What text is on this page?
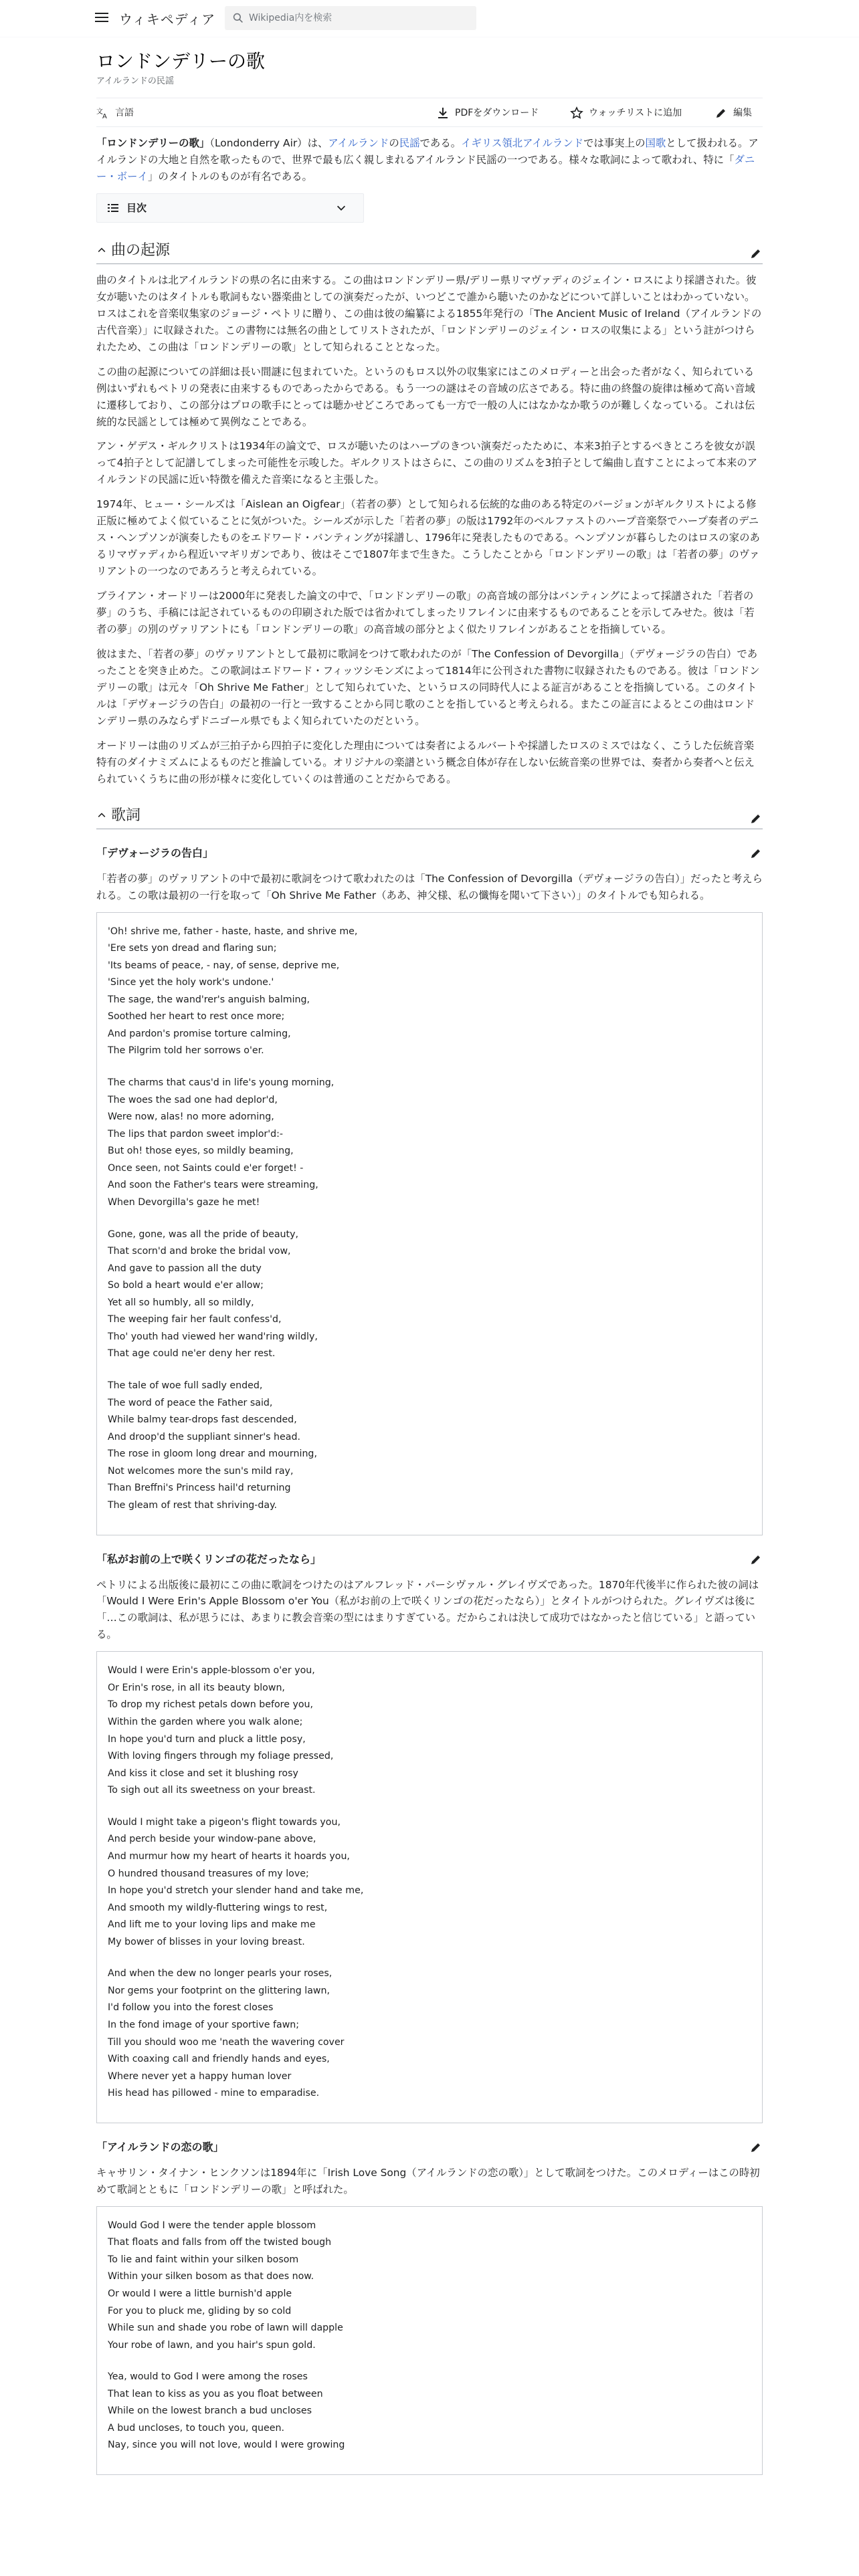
ウィキペディア	Wikipedia内を検索
ロンドンデリーの歌
アイルランドの民謡
文
A 言語	PDFをダウンロード	ウォッチリストに追加	編集

「ロンドンデリーの歌」（Londonderry Air）は、アイルランドの民謡である。イギリス領北アイルランドでは事実上の国歌として扱われる。アイルランドの大地と自然を歌ったもので、世界で最も広く親しまれるアイルランド民謡の一つである。様々な歌詞によって歌われ、特に「ダニー・ボーイ」のタイトルのものが有名である。

目次
曲の起源

曲のタイトルは北アイルランドの県の名に由来する。この曲はロンドンデリー県/デリー県リマヴァディのジェイン・ロスにより採譜された。彼女が聴いたのはタイトルも歌詞もない器楽曲としての演奏だったが、いつどこで誰から聴いたのかなどについて詳しいことはわかっていない。ロスはこれを音楽収集家のジョージ・ペトリに贈り、この曲は彼の編纂による1855年発行の「The Ancient Music of Ireland（アイルランドの古代音楽）」に収録された。この書物には無名の曲としてリストされたが、「ロンドンデリーのジェイン・ロスの収集による」という註がつけられたため、この曲は「ロンドンデリーの歌」として知られることとなった。

この曲の起源についての詳細は長い間謎に包まれていた。というのもロス以外の収集家にはこのメロディーと出会った者がなく、知られている例はいずれもペトリの発表に由来するものであったからである。もう一つの謎はその音域の広さである。特に曲の終盤の旋律は極めて高い音域に遷移しており、この部分はプロの歌手にとっては聴かせどころであっても一方で一般の人にはなかなか歌うのが難しくなっている。これは伝統的な民謡としては極めて異例なことである。

アン・ゲデス・ギルクリストは1934年の論文で、ロスが聴いたのはハープのきつい演奏だったために、本来3拍子とするべきところを彼女が誤って4拍子として記譜してしまった可能性を示唆した。ギルクリストはさらに、この曲のリズムを3拍子として編曲し直すことによって本来のアイルランドの民謡に近い特徴を備えた音楽になると主張した。

1974年、ヒュー・シールズは「Aislean an Oigfear」（若者の夢）として知られる伝統的な曲のある特定のバージョンがギルクリストによる修正版に極めてよく似ていることに気がついた。シールズが示した「若者の夢」の版は1792年のベルファストのハープ音楽祭でハープ奏者のデニス・ヘンプソンが演奏したものをエドワード・バンティングが採譜し、1796年に発表したものである。ヘンプソンが暮らしたのはロスの家のあるリマヴァディから程近いマギリガンであり、彼はそこで1807年まで生きた。こうしたことから「ロンドンデリーの歌」は「若者の夢」のヴァリアントの一つなのであろうと考えられている。

ブライアン・オードリーは2000年に発表した論文の中で、「ロンドンデリーの歌」の高音域の部分はバンティングによって採譜された「若者の夢」のうち、手稿には記されているものの印刷された版では省かれてしまったリフレインに由来するものであることを示してみせた。彼は「若者の夢」の別のヴァリアントにも「ロンドンデリーの歌」の高音域の部分とよく似たリフレインがあることを指摘している。

彼はまた、「若者の夢」のヴァリアントとして最初に歌詞をつけて歌われたのが「The Confession of Devorgilla」（デヴォージラの告白）であったことを突き止めた。この歌詞はエドワード・フィッツシモンズによって1814年に公刊された書物に収録されたものである。彼は「ロンドンデリーの歌」は元々「Oh Shrive Me Father」として知られていた、というロスの同時代人による証言があることを指摘している。このタイトルは「デヴォージラの告白」の最初の一行と一致することから同じ歌のことを指していると考えられる。またこの証言によるとこの曲はロンドンデリー県のみならずドニゴール県でもよく知られていたのだという。

オードリーは曲のリズムが三拍子から四拍子に変化した理由については奏者によるルバートや採譜したロスのミスではなく、こうした伝統音楽特有のダイナミズムによるものだと推論している。オリジナルの楽譜という概念自体が存在しない伝統音楽の世界では、奏者から奏者へと伝えられていくうちに曲の形が様々に変化していくのは普通のことだからである。

歌詞
「デヴォージラの告白」

「若者の夢」のヴァリアントの中で最初に歌詞をつけて歌われたのは「The Confession of Devorgilla（デヴォージラの告白）」だったと考えられる。この歌は最初の一行を取って「Oh Shrive Me Father（ああ、神父様、私の懺悔を聞いて下さい）」のタイトルでも知られる。

'Oh! shrive me, father - haste, haste, and shrive me,
'Ere sets yon dread and flaring sun;
'Its beams of peace, - nay, of sense, deprive me,
'Since yet the holy work's undone.'
The sage, the wand'rer's anguish balming,
Soothed her heart to rest once more;
And pardon's promise torture calming,
The Pilgrim told her sorrows o'er.
The charms that caus'd in life's young morning,
The woes the sad one had deplor'd,
Were now, alas! no more adorning,
The lips that pardon sweet implor'd:-
But oh! those eyes, so mildly beaming,
Once seen, not Saints could e'er forget! -
And soon the Father's tears were streaming,
When Devorgilla's gaze he met!
Gone, gone, was all the pride of beauty,
That scorn'd and broke the bridal vow,
And gave to passion all the duty
So bold a heart would e'er allow;
Yet all so humbly, all so mildly,
The weeping fair her fault confess'd,
Tho' youth had viewed her wand'ring wildly,
That age could ne'er deny her rest.
The tale of woe full sadly ended,
The word of peace the Father said,
While balmy tear-drops fast descended,
And droop'd the suppliant sinner's head.
The rose in gloom long drear and mourning,
Not welcomes more the sun's mild ray,
Than Breffni's Princess hail'd returning
The gleam of rest that shriving-day.
「私がお前の上で咲くリンゴの花だったなら」

ペトリによる出版後に最初にこの曲に歌詞をつけたのはアルフレッド・パーシヴァル・グレイヴズであった。1870年代後半に作られた彼の詞は「Would I Were Erin's Apple Blossom o'er You（私がお前の上で咲くリンゴの花だったなら）」とタイトルがつけられた。グレイヴズは後に「…この歌詞は、私が思うには、あまりに教会音楽の型にはまりすぎている。だからこれは決して成功ではなかったと信じている」と語っている。

Would I were Erin's apple-blossom o'er you,
Or Erin's rose, in all its beauty blown,
To drop my richest petals down before you,
Within the garden where you walk alone;
In hope you'd turn and pluck a little posy,
With loving fingers through my foliage pressed,
And kiss it close and set it blushing rosy
To sigh out all its sweetness on your breast.
Would I might take a pigeon's flight towards you,
And perch beside your window-pane above,
And murmur how my heart of hearts it hoards you,
O hundred thousand treasures of my love;
In hope you'd stretch your slender hand and take me,
And smooth my wildly-fluttering wings to rest,
And lift me to your loving lips and make me
My bower of blisses in your loving breast.
And when the dew no longer pearls your roses,
Nor gems your footprint on the glittering lawn,
I'd follow you into the forest closes
In the fond image of your sportive fawn;
Till you should woo me 'neath the wavering cover
With coaxing call and friendly hands and eyes,
Where never yet a happy human lover
His head has pillowed - mine to emparadise.
「アイルランドの恋の歌」

キャサリン・タイナン・ヒンクソンは1894年に「Irish Love Song（アイルランドの恋の歌）」として歌詞をつけた。このメロディーはこの時初めて歌詞とともに「ロンドンデリーの歌」と呼ばれた。

Would God I were the tender apple blossom
That floats and falls from off the twisted bough
To lie and faint within your silken bosom
Within your silken bosom as that does now.
Or would I were a little burnish'd apple
For you to pluck me, gliding by so cold
While sun and shade you robe of lawn will dapple
Your robe of lawn, and you hair's spun gold.
Yea, would to God I were among the roses
That lean to kiss as you as you float between
While on the lowest branch a bud uncloses
A bud uncloses, to touch you, queen.
Nay, since you will not love, would I were growing
